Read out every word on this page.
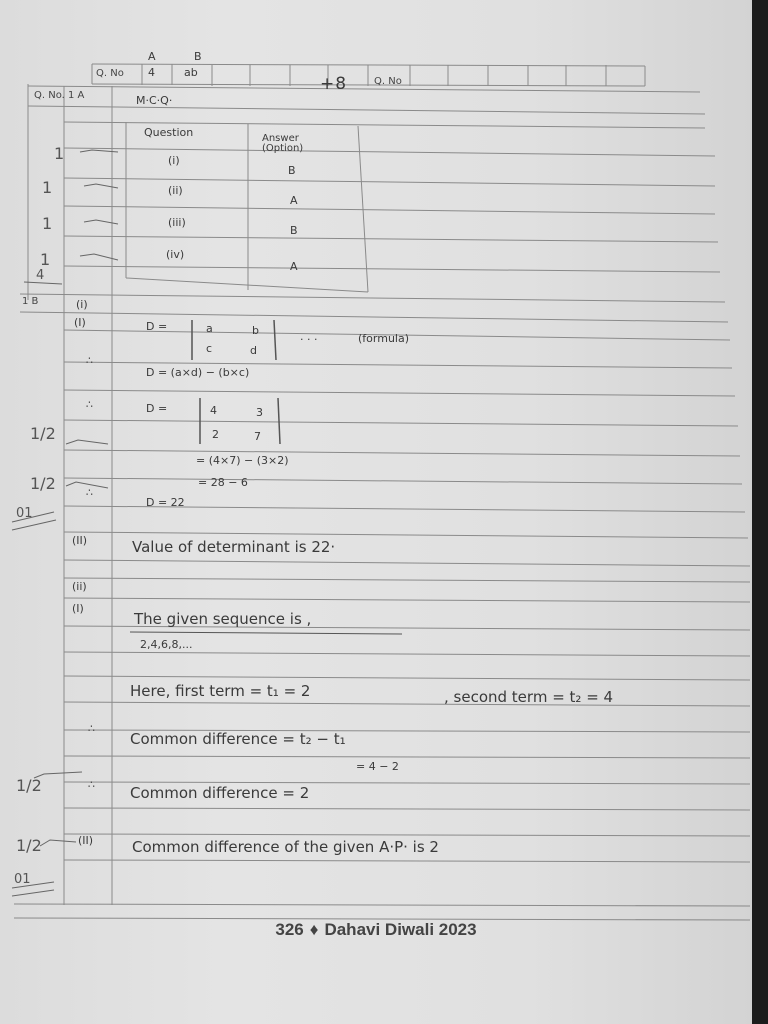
Q. No
A	B
4	ab
+8	Q. No
Q. No. 1 A	M·C·Q·
Question	Answer (Option)
1	(i)
B
1	(ii)
A
1	(iii)
B
1	(iv)
A
4
1 B	(i)
(I)	D =	a	b
c	d
. . .	(formula)
∴
D = (a×d) − (b×c)
∴	D =	4	3
2	7
= (4×7) − (3×2)
= 28 − 6
∴
D = 22
1/2
1/2
01
(II)	Value of determinant is 22·
(ii)
(I)
The given sequence is ,
2,4,6,8,...
Here, first term = t₁ = 2	, second term = t₂ = 4
∴
Common difference = t₂ − t₁
= 4 − 2
∴ Common difference = 2
1/2
1/2	(II)	Common difference of the given A·P· is 2
01
326 ♦ Dahavi Diwali 2023
